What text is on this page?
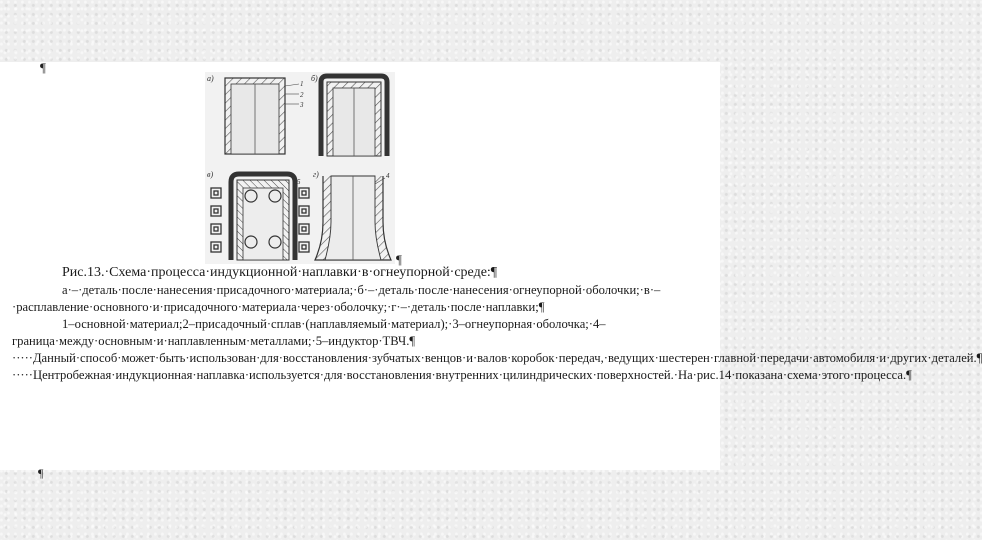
¶
а)
1
2
3
б)
в)
5
г)	4
¶

Рис.13.·Схема·процесса·индукционной·наплавки·в·огнеупорной·среде:¶

а·–·деталь·после·нанесения·присадочного·материала;·б·–·деталь·после·нанесения·огнеупорной·оболочки;·в·–·расплавление·основного·и·присадочного·материала·через·оболочку;·г·–·деталь·после·наплавки;¶

1–основной·материал;2–присадочный·сплав·(наплавляемый·материал);·3–огнеупорная·оболочка;·4–граница·между·основным·и·наплавленным·металлами;·5–индуктор·ТВЧ.¶

·····Данный·способ·может·быть·использован·для·восстановления·зубчатых·венцов·и·валов·коробок·передач,·ведущих·шестерен·главной·передачи·автомобиля·и·других·деталей.¶

·····Центробежная·индукционная·наплавка·используется·для·восстановления·внутренних·цилиндрических·поверхностей.·На·рис.14·показана·схема·этого·процесса.¶

¶
